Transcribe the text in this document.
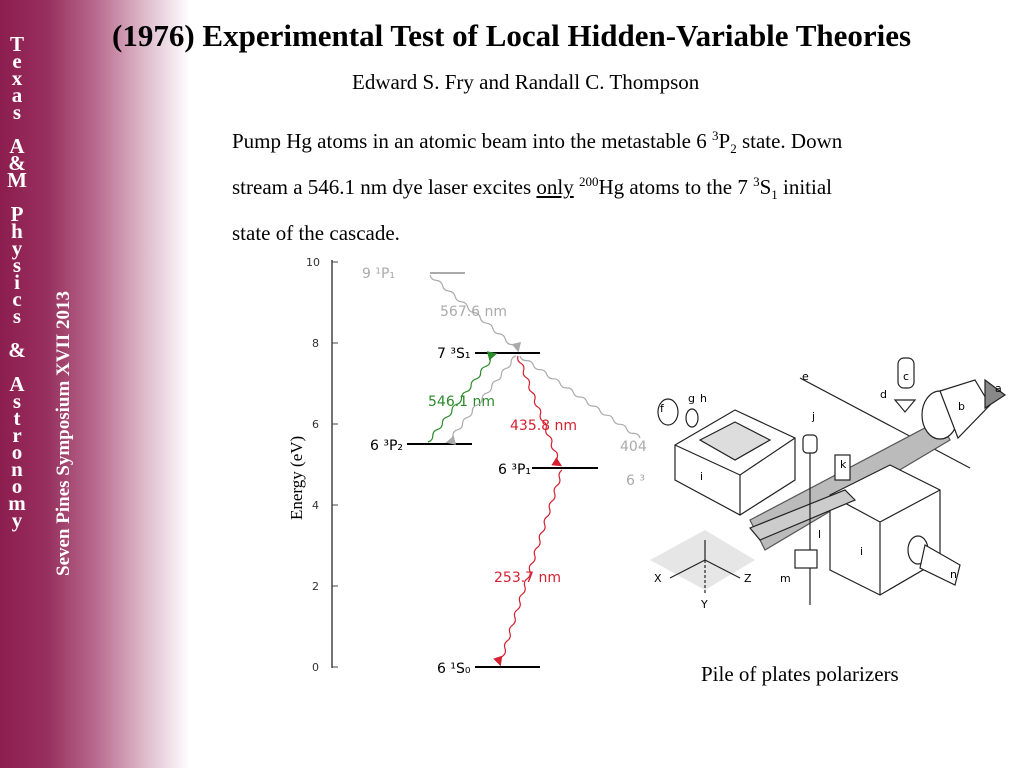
T
e
x
a
s

A
&
M

P
h
y
s
i
c
s

&

A
s
t
r
o
n
o
m
y	Seven Pines Symposium XVII 2013
(1976) Experimental Test of Local Hidden-Variable Theories
Edward S. Fry and Randall C. Thompson
Pump Hg atoms in an atomic beam into the metastable 6 $^3P_2$ state. Down
stream a 546.1 nm dye laser excites only $^{200}$Hg atoms to the 7 $^3S_1$ initial
state of the cascade.
0
2
4
6
8
10
Energy (eV)
9 ¹P₁
7 ³S₁
6 ³P₂
6 ³P₁
6 ³
6 ¹S₀
567.6 nm
546.1 nm
435.8 nm
404
253.7 nm
a
b
c
d
e
f
g h
i
i
j
k
l
m	n
X
Y
Z
Pile of plates polarizers
